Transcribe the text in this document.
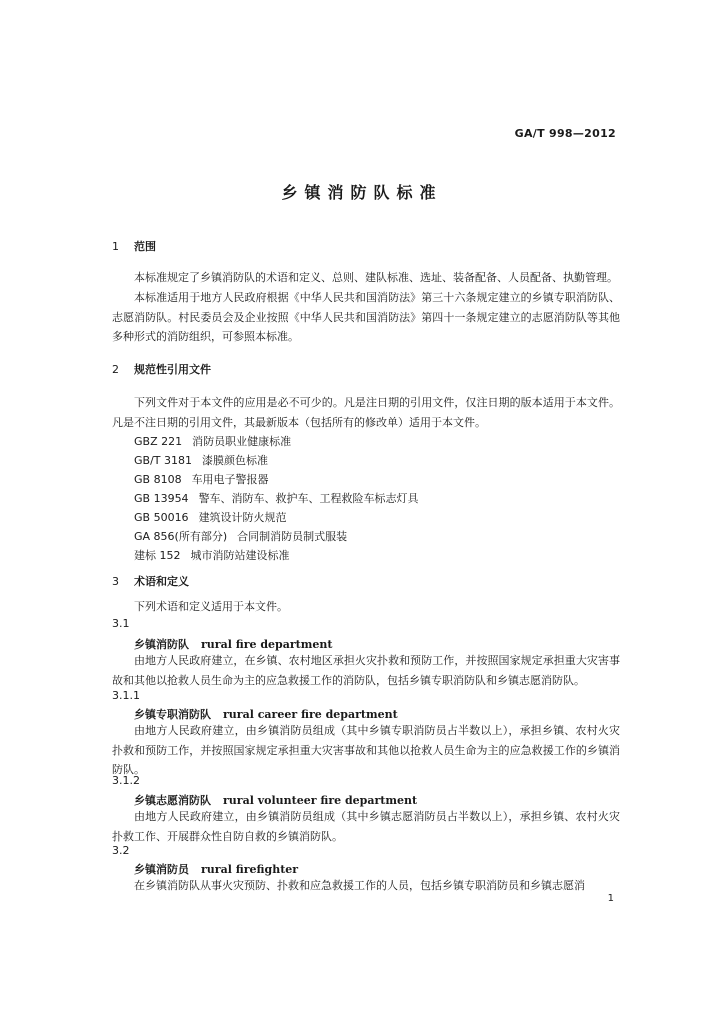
GA/T 998—2012
乡镇消防队标准
1 范围
本标准规定了乡镇消防队的术语和定义、总则、建队标准、选址、装备配备、人员配备、执勤管理。
本标准适用于地方人民政府根据《中华人民共和国消防法》第三十六条规定建立的乡镇专职消防队、志愿消防队。村民委员会及企业按照《中华人民共和国消防法》第四十一条规定建立的志愿消防队等其他多种形式的消防组织，可参照本标准。
2 规范性引用文件
下列文件对于本文件的应用是必不可少的。凡是注日期的引用文件，仅注日期的版本适用于本文件。凡是不注日期的引用文件，其最新版本（包括所有的修改单）适用于本文件。
GBZ 221 消防员职业健康标准
GB/T 3181 漆膜颜色标准
GB 8108 车用电子警报器
GB 13954 警车、消防车、救护车、工程救险车标志灯具
GB 50016 建筑设计防火规范
GA 856(所有部分) 合同制消防员制式服装
建标 152 城市消防站建设标准
3 术语和定义
下列术语和定义适用于本文件。
3.1
乡镇消防队 rural fire department
由地方人民政府建立，在乡镇、农村地区承担火灾扑救和预防工作，并按照国家规定承担重大灾害事故和其他以抢救人员生命为主的应急救援工作的消防队，包括乡镇专职消防队和乡镇志愿消防队。
3.1.1
乡镇专职消防队 rural career fire department
由地方人民政府建立，由乡镇消防员组成（其中乡镇专职消防员占半数以上），承担乡镇、农村火灾扑救和预防工作，并按照国家规定承担重大灾害事故和其他以抢救人员生命为主的应急救援工作的乡镇消防队。
3.1.2
乡镇志愿消防队 rural volunteer fire department
由地方人民政府建立，由乡镇消防员组成（其中乡镇志愿消防员占半数以上），承担乡镇、农村火灾扑救工作、开展群众性自防自救的乡镇消防队。
3.2
乡镇消防员 rural firefighter
在乡镇消防队从事火灾预防、扑救和应急救援工作的人员，包括乡镇专职消防员和乡镇志愿消
1
